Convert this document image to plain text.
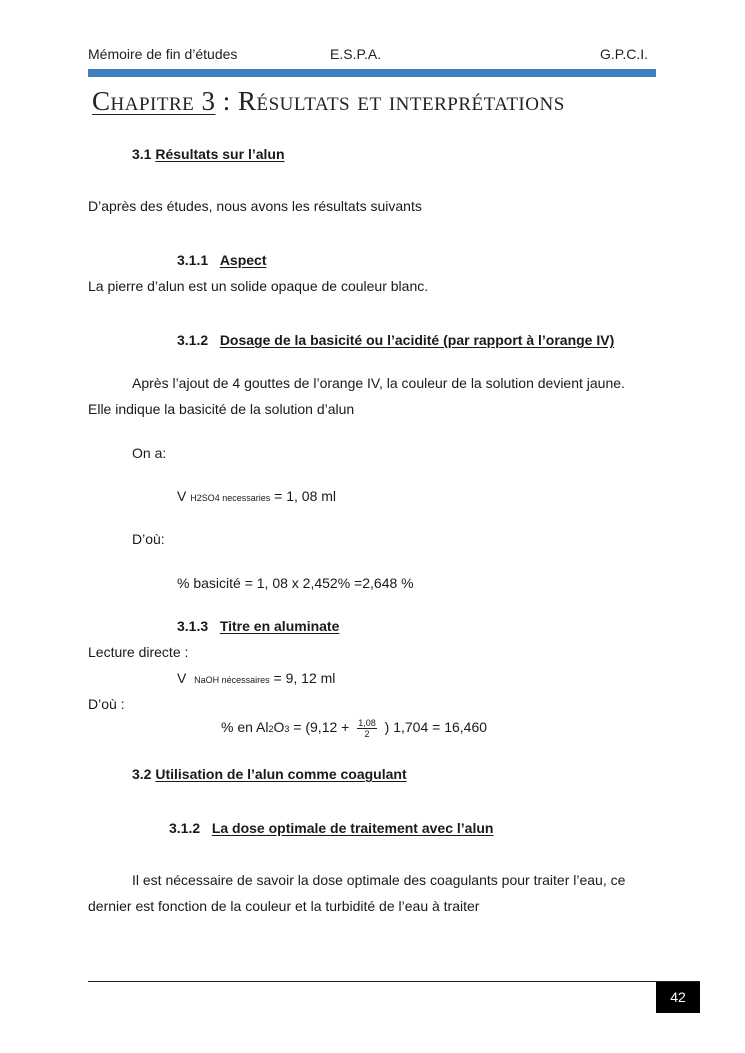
Mémoire de fin d’études	E.S.P.A.	G.P.C.I.
Chapitre 3 : Résultats et interprétations
3.1 Résultats sur l’alun
D’après des études, nous avons les résultats suivants
3.1.1 Aspect
La pierre d’alun est un solide opaque de couleur blanc.
3.1.2 Dosage de la basicité ou l’acidité (par rapport à l’orange IV)
Après l’ajout de 4 gouttes de l’orange IV, la couleur de la solution devient jaune.
Elle indique la basicité de la solution d’alun
On a:
V H2SO4 necessaries = 1, 08 ml
D’où:
% basicité = 1, 08 x 2,452% =2,648 %
3.1.3 Titre en aluminate
Lecture directe :
V  NaOH nécessaires = 9, 12 ml
D’où :
% en $Al2O3 = (9,12 + \frac{1,08}{2}$ ) 1,704 = 16,460
3.2 Utilisation de l’alun comme coagulant
3.1.2 La dose optimale de traitement avec l’alun
Il est nécessaire de savoir la dose optimale des coagulants pour traiter l’eau, ce
dernier est fonction de la couleur et la turbidité de l’eau à traiter
42
